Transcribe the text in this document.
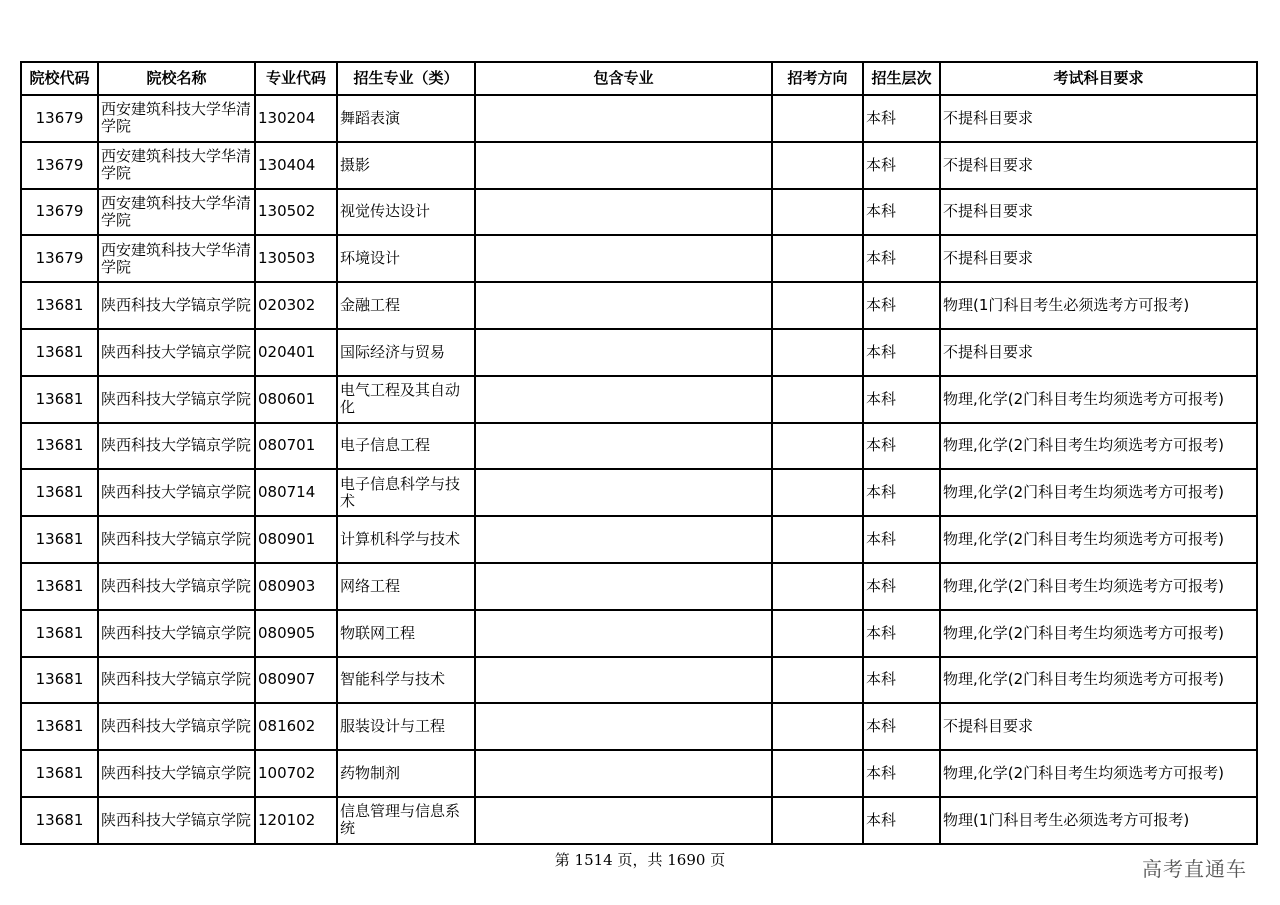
院校代码	院校名称	专业代码	招生专业（类）	包含专业	招考方向	招生层次	考试科目要求
13679	西安建筑科技大学华清学院	130204	舞蹈表演			本科	不提科目要求
13679	西安建筑科技大学华清学院	130404	摄影			本科	不提科目要求
13679	西安建筑科技大学华清学院	130502	视觉传达设计			本科	不提科目要求
13679	西安建筑科技大学华清学院	130503	环境设计			本科	不提科目要求
13681	陕西科技大学镐京学院	020302	金融工程			本科	物理(1门科目考生必须选考方可报考)
13681	陕西科技大学镐京学院	020401	国际经济与贸易			本科	不提科目要求
13681	陕西科技大学镐京学院	080601	电气工程及其自动化			本科	物理,化学(2门科目考生均须选考方可报考)
13681	陕西科技大学镐京学院	080701	电子信息工程			本科	物理,化学(2门科目考生均须选考方可报考)
13681	陕西科技大学镐京学院	080714	电子信息科学与技术			本科	物理,化学(2门科目考生均须选考方可报考)
13681	陕西科技大学镐京学院	080901	计算机科学与技术			本科	物理,化学(2门科目考生均须选考方可报考)
13681	陕西科技大学镐京学院	080903	网络工程			本科	物理,化学(2门科目考生均须选考方可报考)
13681	陕西科技大学镐京学院	080905	物联网工程			本科	物理,化学(2门科目考生均须选考方可报考)
13681	陕西科技大学镐京学院	080907	智能科学与技术			本科	物理,化学(2门科目考生均须选考方可报考)
13681	陕西科技大学镐京学院	081602	服装设计与工程			本科	不提科目要求
13681	陕西科技大学镐京学院	100702	药物制剂			本科	物理,化学(2门科目考生均须选考方可报考)
13681	陕西科技大学镐京学院	120102	信息管理与信息系统			本科	物理(1门科目考生必须选考方可报考)
第 1514 页，共 1690 页	高考直通车
